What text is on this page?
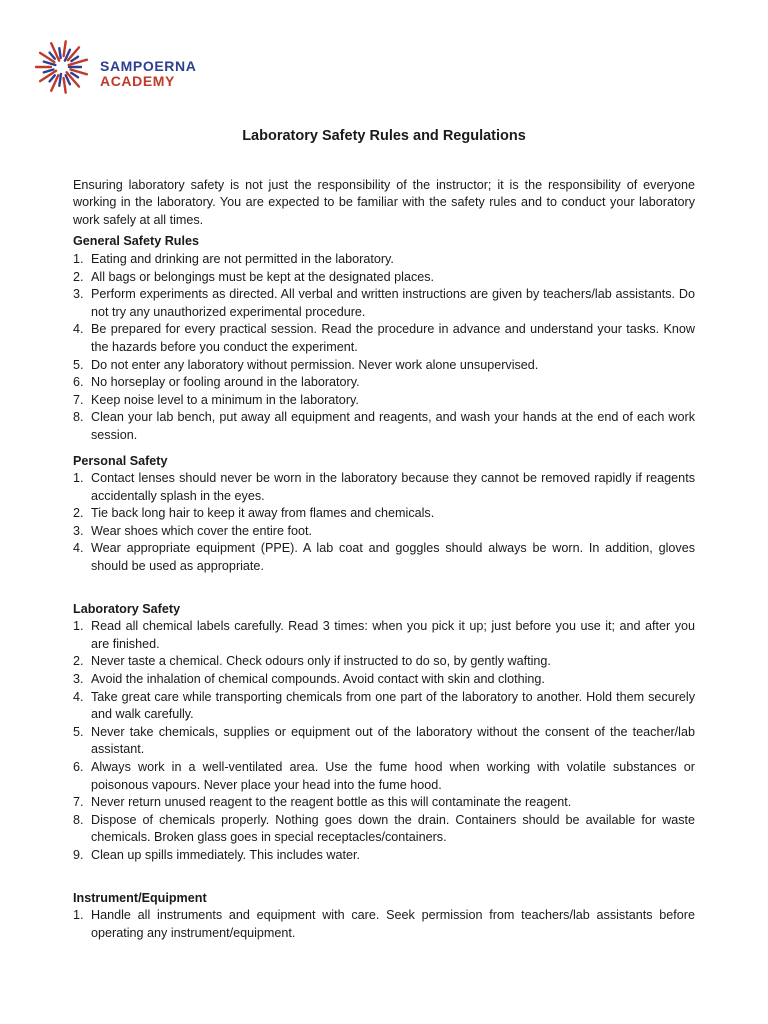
SAMPOERNA
ACADEMY
Laboratory Safety Rules and Regulations

Ensuring laboratory safety is not just the responsibility of the instructor; it is the responsibility of everyone working in the laboratory. You are expected to be familiar with the safety rules and to conduct your laboratory work safely at all times.

General Safety Rules
1. Eating and drinking are not permitted in the laboratory.
2. All bags or belongings must be kept at the designated places.
3. Perform experiments as directed. All verbal and written instructions are given by teachers/lab assistants. Do not try any unauthorized experimental procedure.
4. Be prepared for every practical session. Read the procedure in advance and understand your tasks. Know the hazards before you conduct the experiment.
5. Do not enter any laboratory without permission. Never work alone unsupervised.
6. No horseplay or fooling around in the laboratory.
7. Keep noise level to a minimum in the laboratory.
8. Clean your lab bench, put away all equipment and reagents, and wash your hands at the end of each work session.
Personal Safety
1. Contact lenses should never be worn in the laboratory because they cannot be removed rapidly if reagents accidentally splash in the eyes.
2. Tie back long hair to keep it away from flames and chemicals.
3. Wear shoes which cover the entire foot.
4. Wear appropriate equipment (PPE). A lab coat and goggles should always be worn. In addition, gloves should be used as appropriate.
Laboratory Safety
1. Read all chemical labels carefully. Read 3 times: when you pick it up; just before you use it; and after you are finished.
2. Never taste a chemical. Check odours only if instructed to do so, by gently wafting.
3. Avoid the inhalation of chemical compounds. Avoid contact with skin and clothing.
4. Take great care while transporting chemicals from one part of the laboratory to another. Hold them securely and walk carefully.
5. Never take chemicals, supplies or equipment out of the laboratory without the consent of the teacher/lab assistant.
6. Always work in a well-ventilated area. Use the fume hood when working with volatile substances or poisonous vapours. Never place your head into the fume hood.
7. Never return unused reagent to the reagent bottle as this will contaminate the reagent.
8. Dispose of chemicals properly. Nothing goes down the drain. Containers should be available for waste chemicals. Broken glass goes in special receptacles/containers.
9. Clean up spills immediately. This includes water.
Instrument/Equipment
1. Handle all instruments and equipment with care. Seek permission from teachers/lab assistants before operating any instrument/equipment.
